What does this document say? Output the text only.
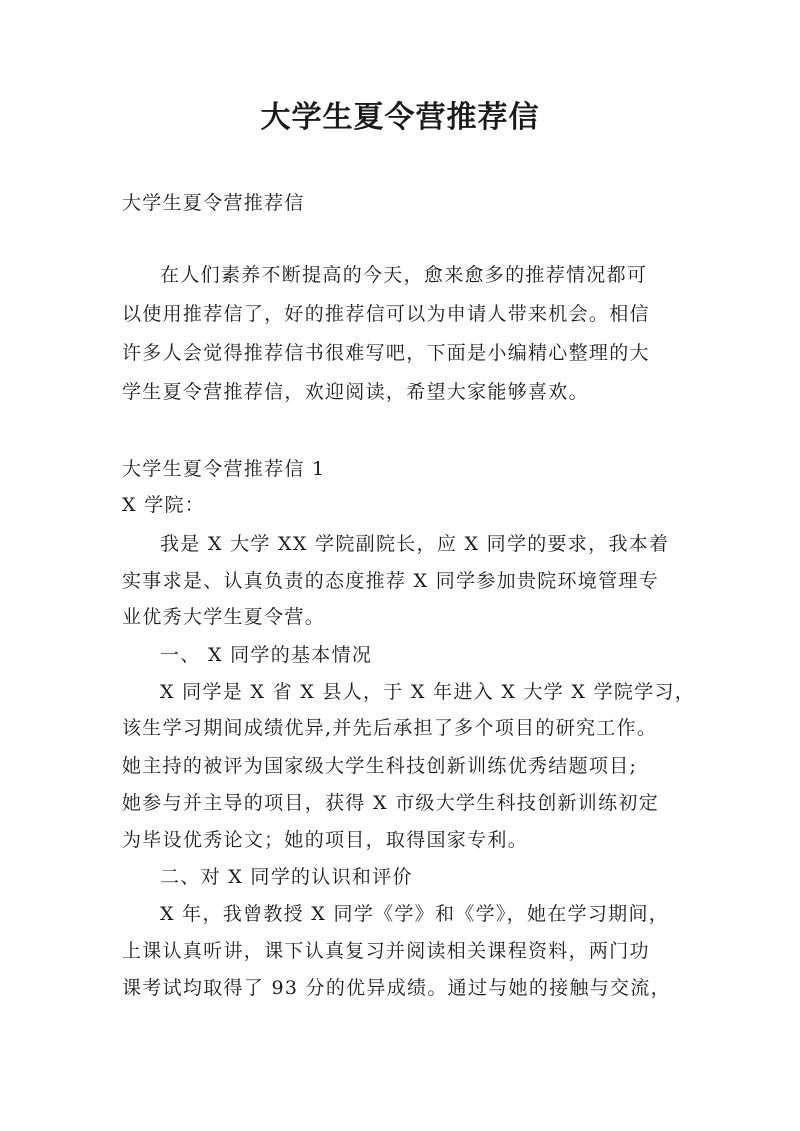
大学生夏令营推荐信
大学生夏令营推荐信
在人们素养不断提高的今天，愈来愈多的推荐情况都可
以使用推荐信了，好的推荐信可以为申请人带来机会。相信
许多人会觉得推荐信书很难写吧，下面是小编精心整理的大
学生夏令营推荐信，欢迎阅读，希望大家能够喜欢。
大学生夏令营推荐信 1
X 学院：
我是 X 大学 XX 学院副院长，应 X 同学的要求，我本着
实事求是、认真负责的态度推荐 X 同学参加贵院环境管理专
业优秀大学生夏令营。
一、 X 同学的基本情况
X 同学是 X 省 X 县人，于 X 年进入 X 大学 X 学院学习，
该生学习期间成绩优异,并先后承担了多个项目的研究工作。
她主持的被评为国家级大学生科技创新训练优秀结题项目;
她参与并主导的项目，获得 X 市级大学生科技创新训练初定
为毕设优秀论文；她的项目，取得国家专利。
二、对 X 同学的认识和评价
X 年，我曾教授 X 同学《学》和《学》，她在学习期间，
上课认真听讲，课下认真复习并阅读相关课程资料，两门功
课考试均取得了 93 分的优异成绩。通过与她的接触与交流，
